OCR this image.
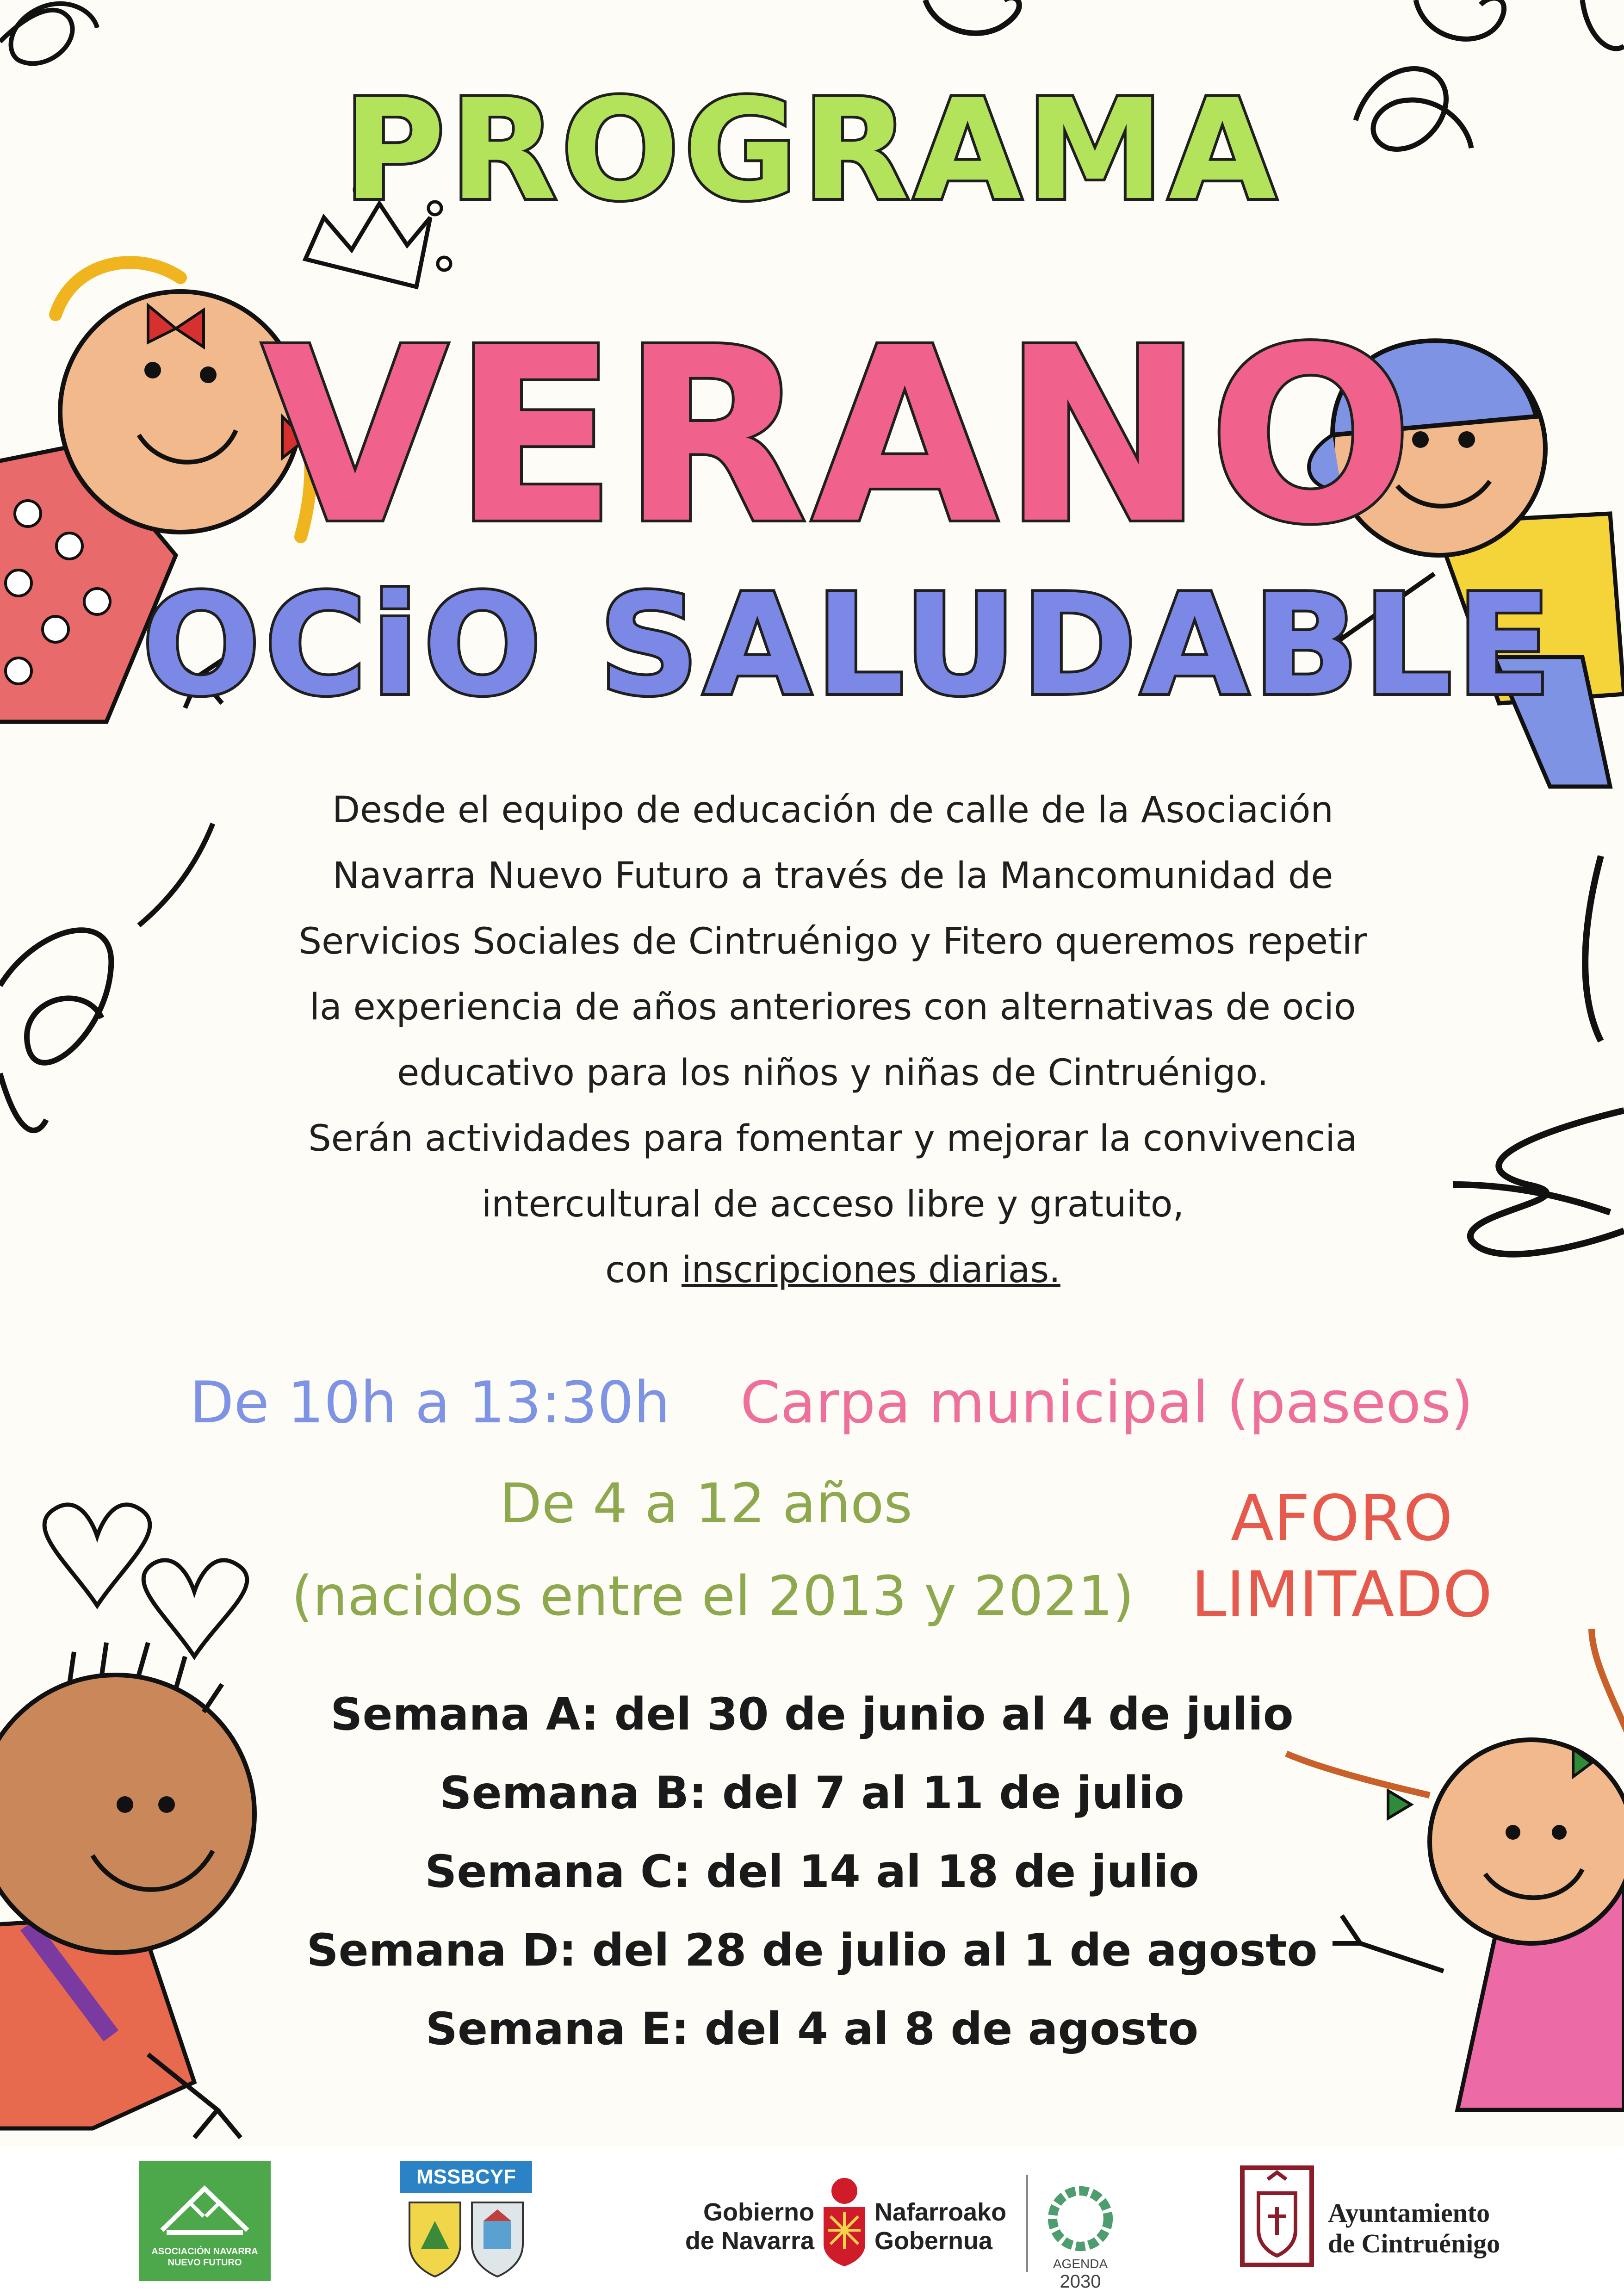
PROGRAMA
VERANO
OCiO SALUDABLE
Desde el equipo de educación de calle de la Asociación
Navarra Nuevo Futuro a través de la Mancomunidad de
Servicios Sociales de Cintruénigo y Fitero queremos repetir
la experiencia de años anteriores con alternativas de ocio
educativo para los niños y niñas de Cintruénigo.
Serán actividades para fomentar y mejorar la convivencia
intercultural de acceso libre y gratuito,
con inscripciones diarias.
De 10h a 13:30h Carpa municipal (paseos)
De 4 a 12 años
(nacidos entre el 2013 y 2021)
AFORO
LIMITADO
Semana A: del 30 de junio al 4 de julio
Semana B: del 7 al 11 de julio
Semana C: del 14 al 18 de julio
Semana D: del 28 de julio al 1 de agosto
Semana E: del 4 al 8 de agosto
ASOCIACIÓN NAVARRA
NUEVO FUTURO
MSSBCYF
Gobierno
de Navarra
Nafarroako
Gobernua
AGENDA
2030
Ayuntamiento
de Cintruénigo
